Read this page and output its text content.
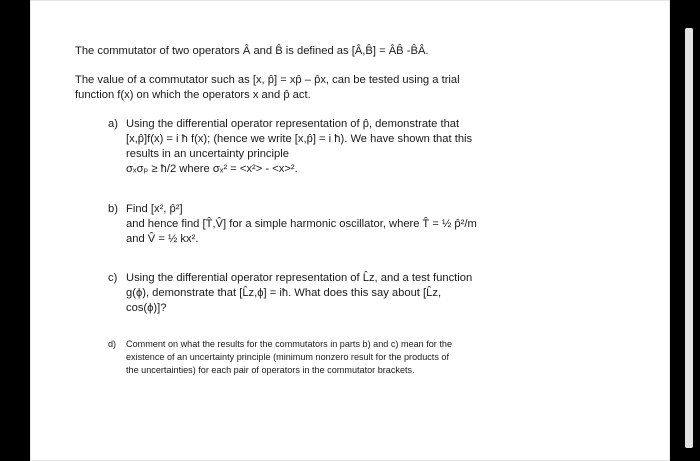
The commutator of two operators Â and B̂ is defined as [Â,B̂] = ÂB̂ -B̂Â.
The value of a commutator such as [x, p̂] = xp̂ – p̂x, can be tested using a trial
function f(x) on which the operators x and p̂ act.
a) Using the differential operator representation of p̂, demonstrate that
[x,p̂]f(x) = i ħ f(x); (hence we write [x,p̂] = i ħ). We have shown that this
results in an uncertainty principle
σₓσₚ ≥ ħ/2 where σₓ² = <x²> - <x>².
b) Find [x², p̂²]
and hence find [T̂,V̂] for a simple harmonic oscillator, where T̂ = ½ p̂²/m
and V̂ = ½ kx².
c) Using the differential operator representation of L̂z, and a test function
g(ϕ), demonstrate that [L̂z,ϕ] = iħ. What does this say about [L̂z,
cos(ϕ)]?
d)	Comment on what the results for the commutators in parts b) and c) mean for the
existence of an uncertainty principle (minimum nonzero result for the products of
the uncertainties) for each pair of operators in the commutator brackets.
